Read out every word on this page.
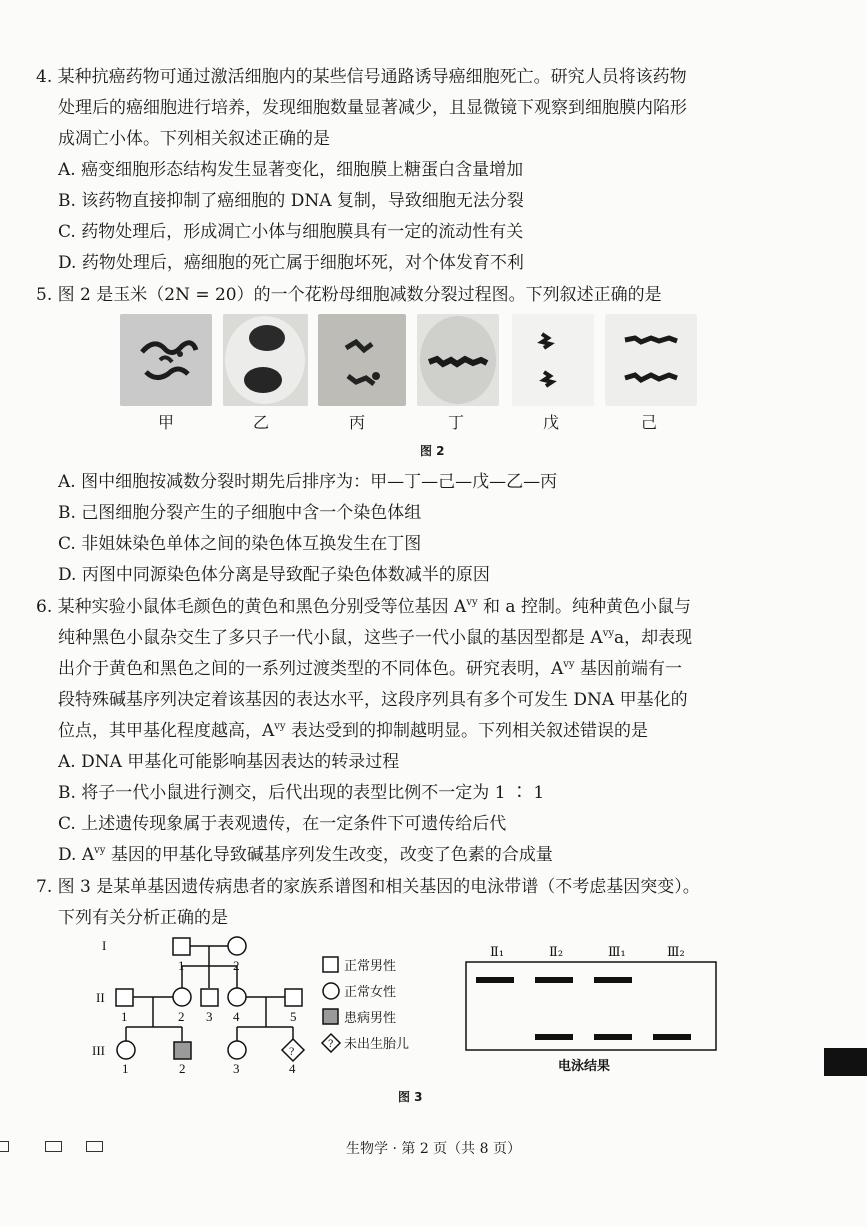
4. 某种抗癌药物可通过激活细胞内的某些信号通路诱导癌细胞死亡。研究人员将该药物
处理后的癌细胞进行培养，发现细胞数量显著减少，且显微镜下观察到细胞膜内陷形
成凋亡小体。下列相关叙述正确的是
A. 癌变细胞形态结构发生显著变化，细胞膜上糖蛋白含量增加
B. 该药物直接抑制了癌细胞的 DNA 复制，导致细胞无法分裂
C. 药物处理后，形成凋亡小体与细胞膜具有一定的流动性有关
D. 药物处理后，癌细胞的死亡属于细胞坏死，对个体发育不利
5. 图 2 是玉米（2N = 20）的一个花粉母细胞减数分裂过程图。下列叙述正确的是
甲	乙	丙	丁	戊	己
图 2
A. 图中细胞按减数分裂时期先后排序为：甲—丁—己—戊—乙—丙
B. 己图细胞分裂产生的子细胞中含一个染色体组
C. 非姐妹染色单体之间的染色体互换发生在丁图
D. 丙图中同源染色体分离是导致配子染色体数减半的原因
6. 某种实验小鼠体毛颜色的黄色和黑色分别受等位基因 $A^{vy}$ 和 a 控制。纯种黄色小鼠与
纯种黑色小鼠杂交生了多只子一代小鼠，这些子一代小鼠的基因型都是 $A^{vy}a$，却表现
出介于黄色和黑色之间的一系列过渡类型的不同体色。研究表明，$A^{vy}$ 基因前端有一
段特殊碱基序列决定着该基因的表达水平，这段序列具有多个可发生 DNA 甲基化的
位点，其甲基化程度越高，$A^{vy}$ 表达受到的抑制越明显。下列相关叙述错误的是
A. DNA 甲基化可能影响基因表达的转录过程
B. 将子一代小鼠进行测交，后代出现的表型比例不一定为 1 ∶ 1
C. 上述遗传现象属于表观遗传，在一定条件下可遗传给后代
D. $A^{vy}$ 基因的甲基化导致碱基序列发生改变，改变了色素的合成量
7. 图 3 是某单基因遗传病患者的家族系谱图和相关基因的电泳带谱（不考虑基因突变）。
下列有关分析正确的是
I
II
III
1	2
1	2 3 4	5
1	2	3	4
?	?
正常男性
正常女性
患病男性
未出生胎儿
Ⅱ₁	Ⅱ₂	Ⅲ₁	Ⅲ₂
电泳结果
图 3
生物学 · 第 2 页（共 8 页）
